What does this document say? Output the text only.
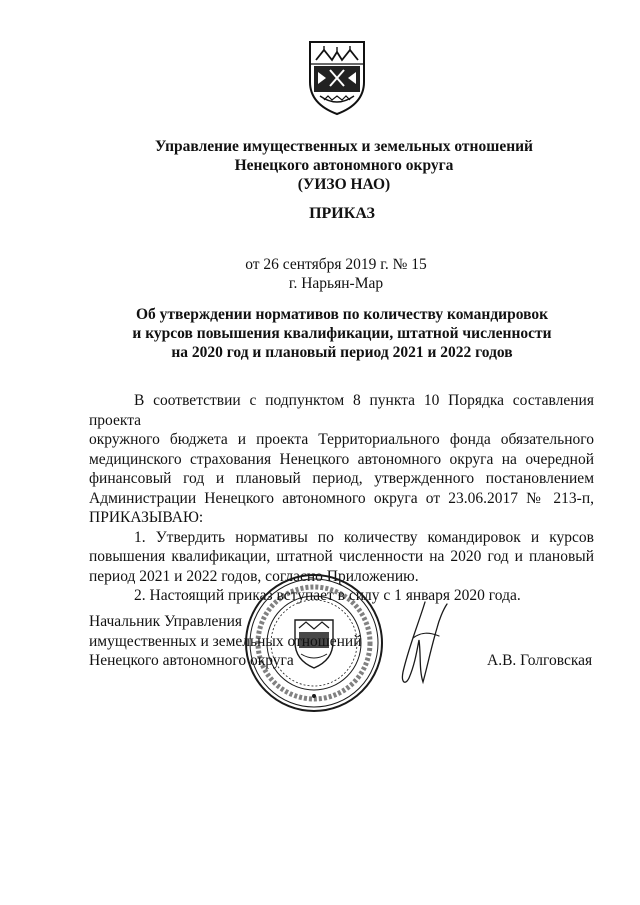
Управление имущественных и земельных отношений
Ненецкого автономного округа
(УИЗО НАО)
ПРИКАЗ
от 26 сентября 2019 г. № 15
г. Нарьян-Мар
Об утверждении нормативов по количеству командировок
и курсов повышения квалификации, штатной численности
на 2020 год и плановый период 2021 и 2022 годов

В соответствии с подпунктом 8 пункта 10 Порядка составления проекта
окружного бюджета и проекта Территориального фонда обязательного
медицинского страхования Ненецкого автономного округа на очередной
финансовый год и плановый период, утвержденного постановлением
Администрации Ненецкого автономного округа от 23.06.2017 № 213-п,
ПРИКАЗЫВАЮ:

1. Утвердить нормативы по количеству командировок и курсов
повышения квалификации, штатной численности на 2020 год и плановый
период 2021 и 2022 годов, согласно Приложению.

2. Настоящий приказ вступает в силу с 1 января 2020 года.

Начальник Управления
имущественных и земельных отношений
Ненецкого автономного округа	А.В. Голговская
